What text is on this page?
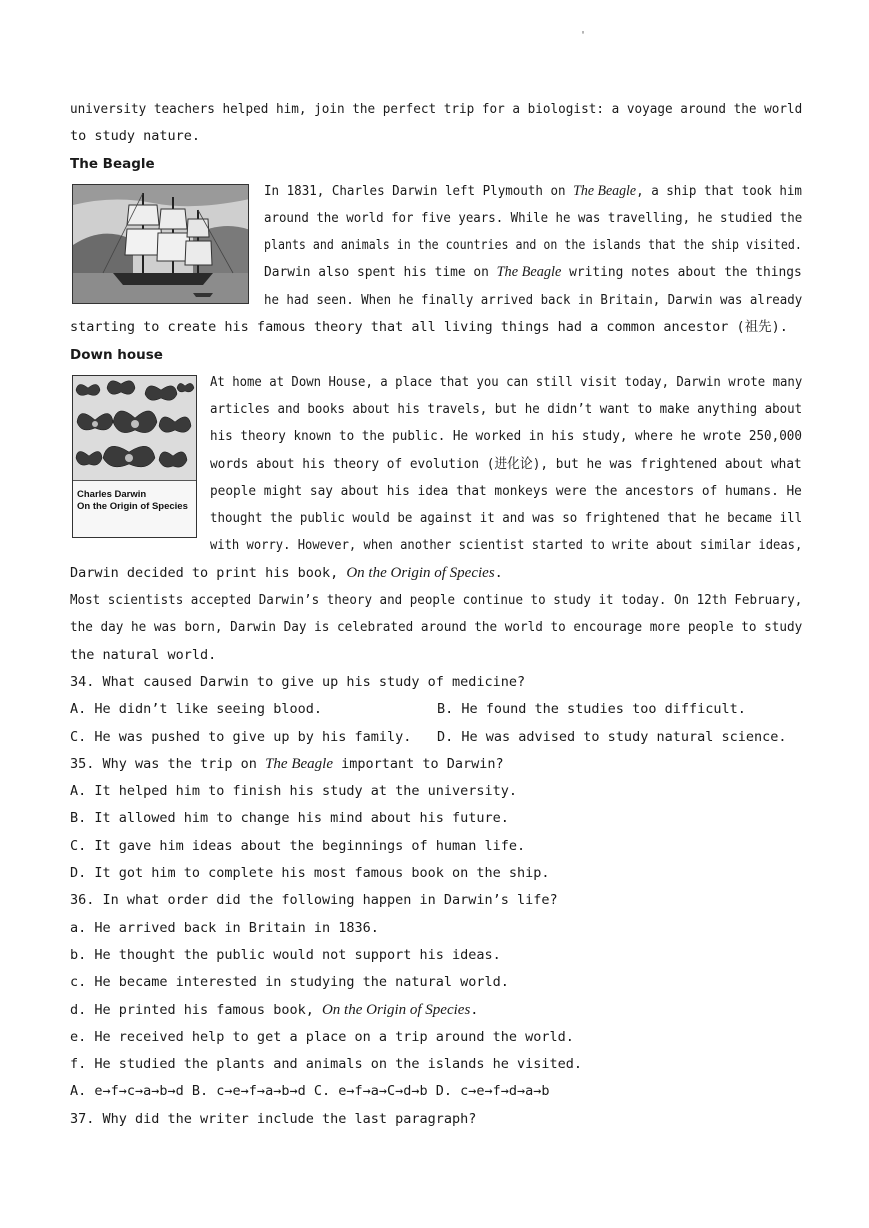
'
university teachers helped him, join the perfect trip for a biologist: a voyage around the world
to study nature.
The Beagle
In 1831, Charles Darwin left Plymouth on The Beagle, a ship that took him
around the world for five years. While he was travelling, he studied the
plants and animals in the countries and on the islands that the ship visited.
Darwin also spent his time on The Beagle writing notes about the things
he had seen. When he finally arrived back in Britain, Darwin was already
starting to create his famous theory that all living things had a common ancestor (祖先).
Down house
Charles Darwin
On the Origin of Species
At home at Down House, a place that you can still visit today, Darwin wrote many
articles and books about his travels, but he didn’t want to make anything about
his theory known to the public. He worked in his study, where he wrote 250,000
words about his theory of evolution (进化论), but he was frightened about what
people might say about his idea that monkeys were the ancestors of humans. He
thought the public would be against it and was so frightened that he became ill
with worry. However, when another scientist started to write about similar ideas,
Darwin decided to print his book, On the Origin of Species.
Most scientists accepted Darwin’s theory and people continue to study it today. On 12th February,
the day he was born, Darwin Day is celebrated around the world to encourage more people to study
the natural world.
34. What caused Darwin to give up his study of medicine?
A. He didn’t like seeing blood.	B. He found the studies too difficult.
C. He was pushed to give up by his family. D. He was advised to study natural science.
35. Why was the trip on The Beagle important to Darwin?
A. It helped him to finish his study at the university.
B. It allowed him to change his mind about his future.
C. It gave him ideas about the beginnings of human life.
D. It got him to complete his most famous book on the ship.
36. In what order did the following happen in Darwin’s life?
a. He arrived back in Britain in 1836.
b. He thought the public would not support his ideas.
c. He became interested in studying the natural world.
d. He printed his famous book, On the Origin of Species.
e. He received help to get a place on a trip around the world.
f. He studied the plants and animals on the islands he visited.
A. e→f→c→a→b→d B. c→e→f→a→b→d C. e→f→a→C→d→b D. c→e→f→d→a→b
37. Why did the writer include the last paragraph?
